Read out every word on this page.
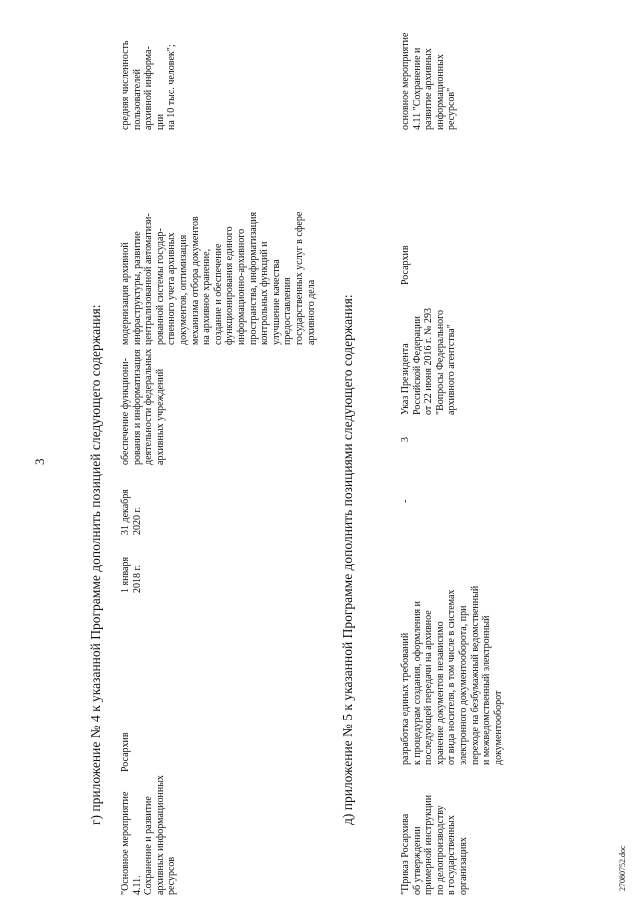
3	г) приложение № 4 к указанной Программе дополнить позицией следующего содержания:
"Основное мероприятие 4.11.
Сохранение и развитие
архивных информационных
ресурсов
Росархив
1 января
2018 г.
31 декабря
2020 г.
обеспечение функциони-
рования и информатизация
деятельности федеральных
архивных учреждений
модернизация архивной
инфраструктуры, развитие
централизованной автоматизи-
рованной системы государ-
ственного учета архивных
документов, оптимизация
механизма отбора документов
на архивное хранение,
создание и обеспечение
функционирования единого
информационно-архивного
пространства, информатизация
контрольных функций и
улучшение качества
предоставления
государственных услуг в сфере
архивного дела
средняя численность
пользователей
архивной информа-
ции
на 10 тыс. человек";
д) приложение № 5 к указанной Программе дополнить позициями следующего содержания:
"Приказ Росархива
об утверждении
примерной инструкции
по делопроизводству
в государственных
организациях
разработка единых требований
к процедурам создания, оформления и
последующей передачи на архивное
хранение документов независимо
от вида носителя, в том числе в системах
электронного документооборота, при
переходе на безбумажный ведомственный
и межведомственный электронный
документооборот
-
3
Указ Президента
Российской Федерации
от 22 июня 2016 г. № 293
"Вопросы Федерального
архивного агентства"
Росархив
основное мероприятие
4.11 "Сохранение и
развитие архивных
информационных
ресурсов"
27080752.doc
